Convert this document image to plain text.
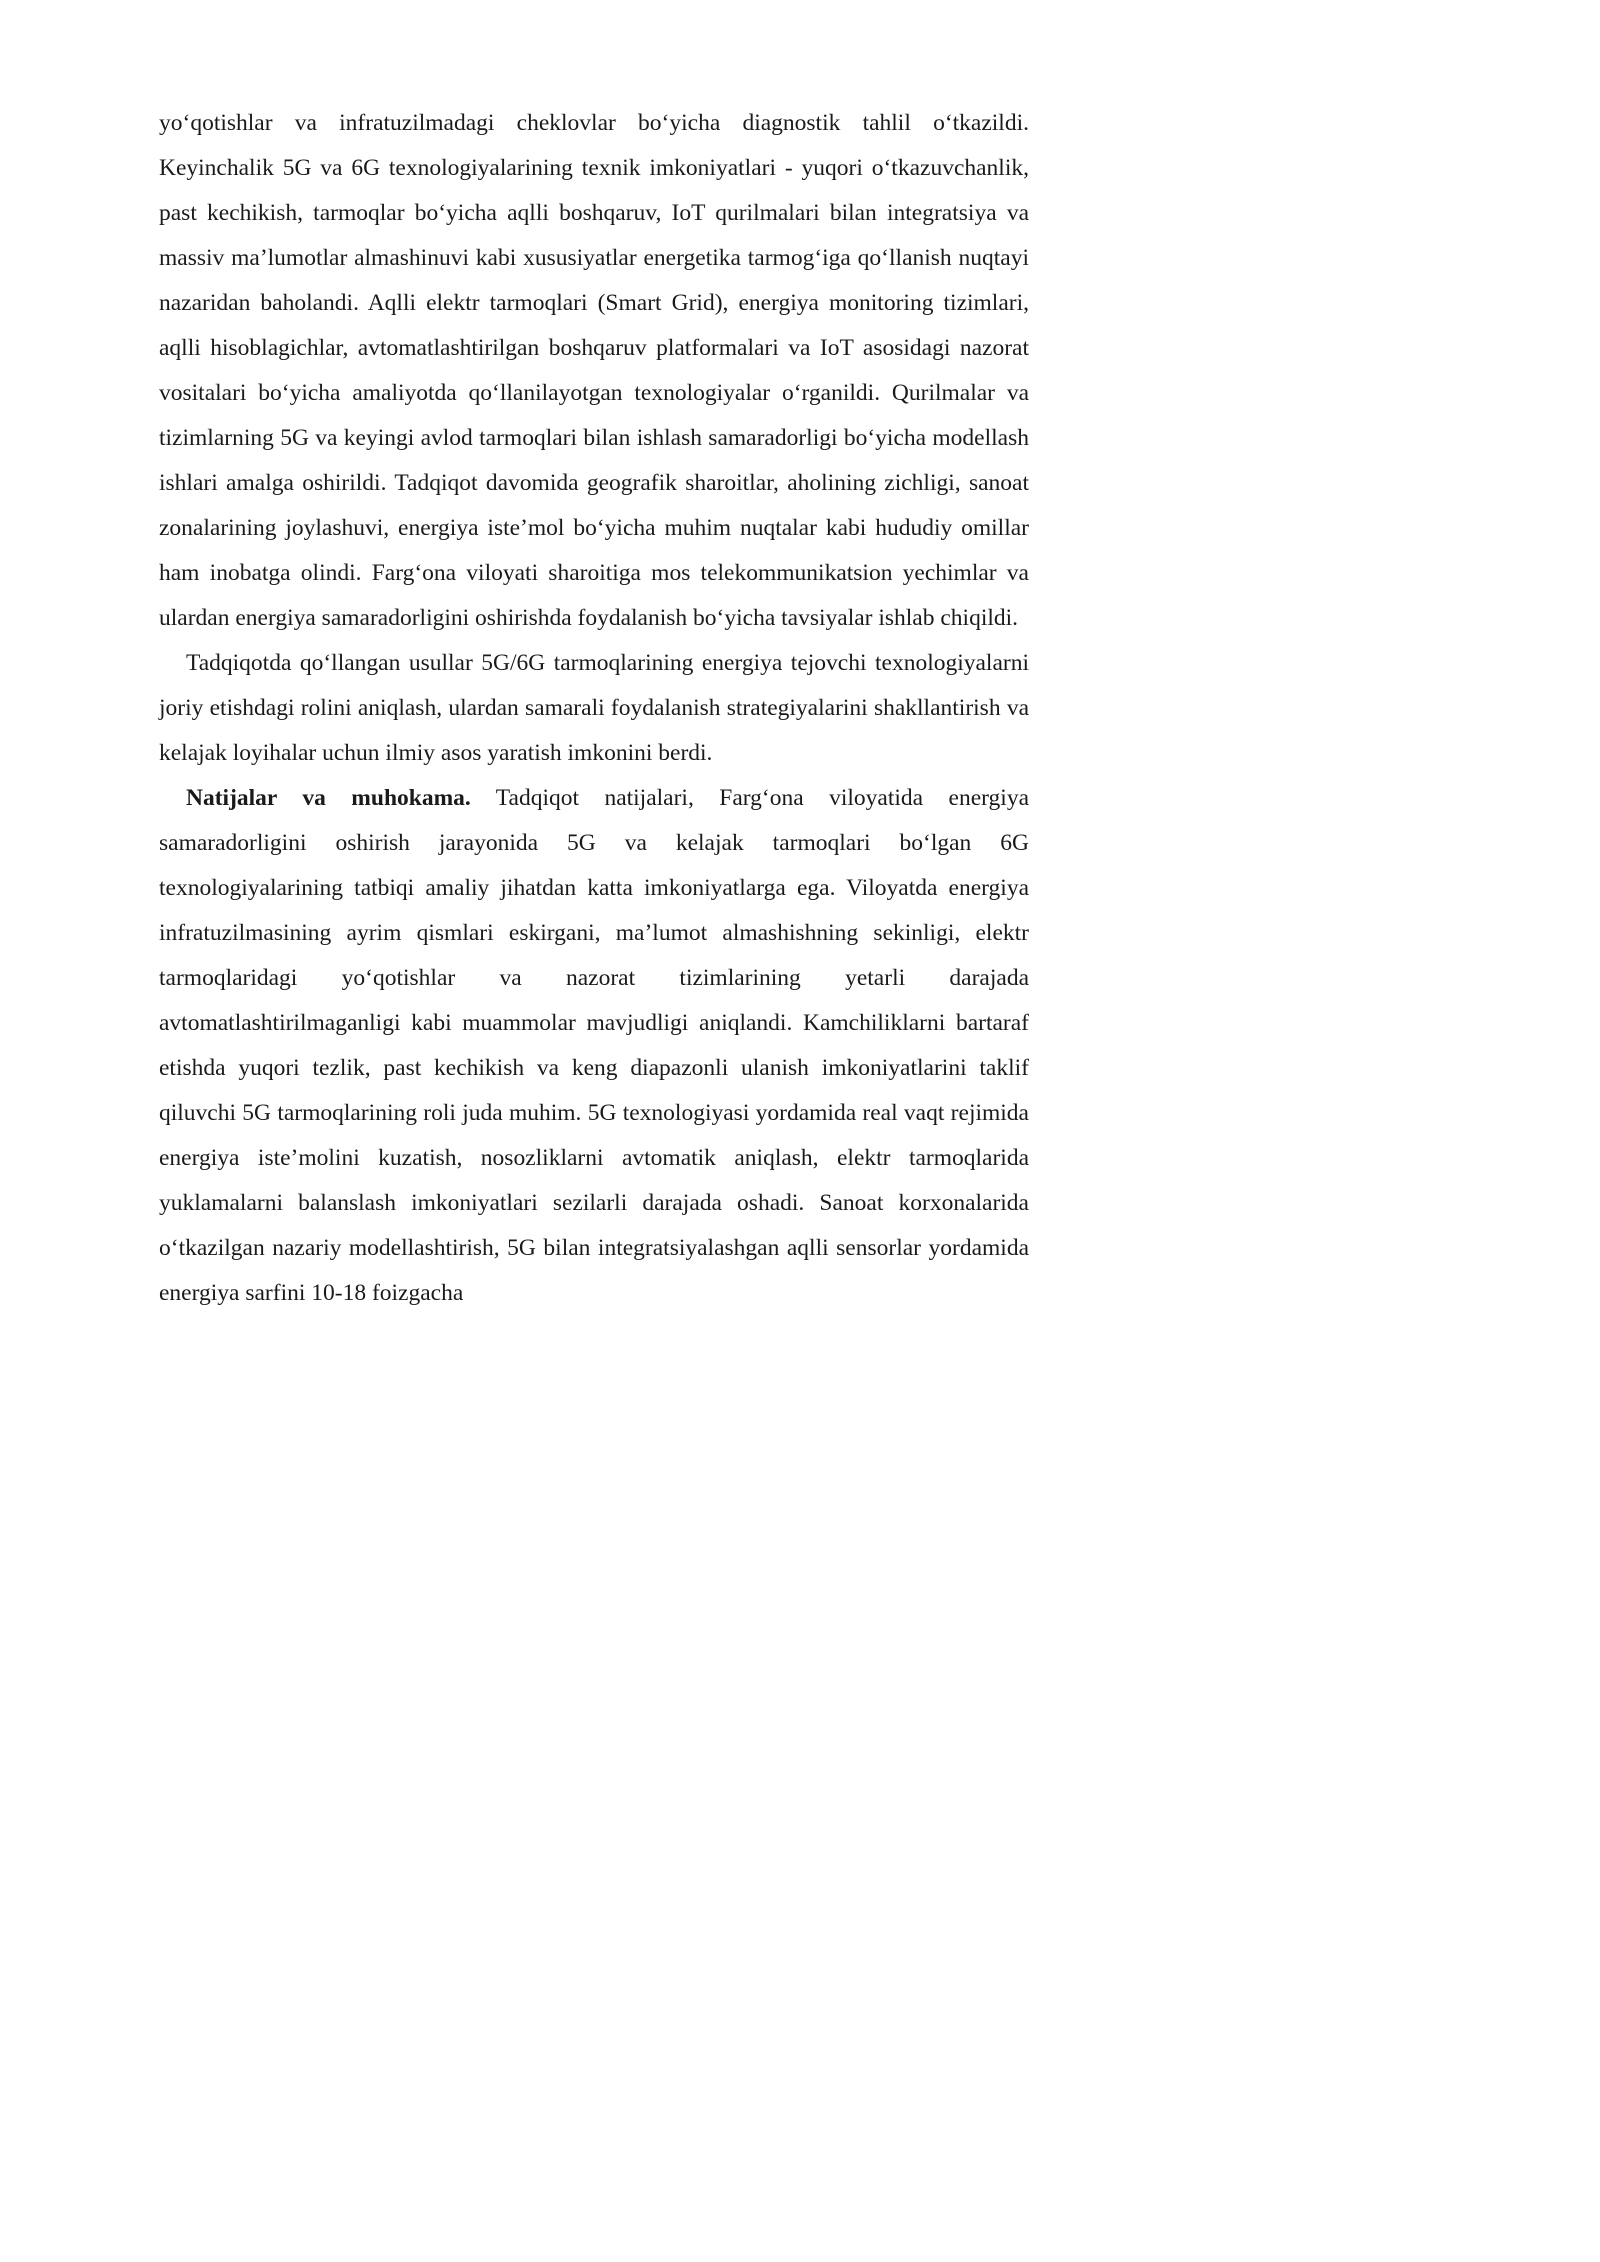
yo‘qotishlar va infratuzilmadagi cheklovlar bo‘yicha diagnostik tahlil o‘tkazildi. Keyinchalik 5G va 6G texnologiyalarining texnik imkoniyatlari - yuqori o‘tkazuvchanlik, past kechikish, tarmoqlar bo‘yicha aqlli boshqaruv, IoT qurilmalari bilan integratsiya va massiv ma’lumotlar almashinuvi kabi xususiyatlar energetika tarmog‘iga qo‘llanish nuqtayi nazaridan baholandi. Aqlli elektr tarmoqlari (Smart Grid), energiya monitoring tizimlari, aqlli hisoblagichlar, avtomatlashtirilgan boshqaruv platformalari va IoT asosidagi nazorat vositalari bo‘yicha amaliyotda qo‘llanilayotgan texnologiyalar o‘rganildi. Qurilmalar va tizimlarning 5G va keyingi avlod tarmoqlari bilan ishlash samaradorligi bo‘yicha modellash ishlari amalga oshirildi. Tadqiqot davomida geografik sharoitlar, aholining zichligi, sanoat zonalarining joylashuvi, energiya iste’mol bo‘yicha muhim nuqtalar kabi hududiy omillar ham inobatga olindi. Farg‘ona viloyati sharoitiga mos telekommunikatsion yechimlar va ulardan energiya samaradorligini oshirishda foydalanish bo‘yicha tavsiyalar ishlab chiqildi.

Tadqiqotda qo‘llangan usullar 5G/6G tarmoqlarining energiya tejovchi texnologiyalarni joriy etishdagi rolini aniqlash, ulardan samarali foydalanish strategiyalarini shakllantirish va kelajak loyihalar uchun ilmiy asos yaratish imkonini berdi.

Natijalar va muhokama. Tadqiqot natijalari, Farg‘ona viloyatida energiya samaradorligini oshirish jarayonida 5G va kelajak tarmoqlari bo‘lgan 6G texnologiyalarining tatbiqi amaliy jihatdan katta imkoniyatlarga ega. Viloyatda energiya infratuzilmasining ayrim qismlari eskirgani, ma’lumot almashishning sekinligi, elektr tarmoqlaridagi yo‘qotishlar va nazorat tizimlarining yetarli darajada avtomatlashtirilmaganligi kabi muammolar mavjudligi aniqlandi. Kamchiliklarni bartaraf etishda yuqori tezlik, past kechikish va keng diapazonli ulanish imkoniyatlarini taklif qiluvchi 5G tarmoqlarining roli juda muhim. 5G texnologiyasi yordamida real vaqt rejimida energiya iste’molini kuzatish, nosozliklarni avtomatik aniqlash, elektr tarmoqlarida yuklamalarni balanslash imkoniyatlari sezilarli darajada oshadi. Sanoat korxonalarida o‘tkazilgan nazariy modellashtirish, 5G bilan integratsiyalashgan aqlli sensorlar yordamida energiya sarfini 10-18 foizgacha
